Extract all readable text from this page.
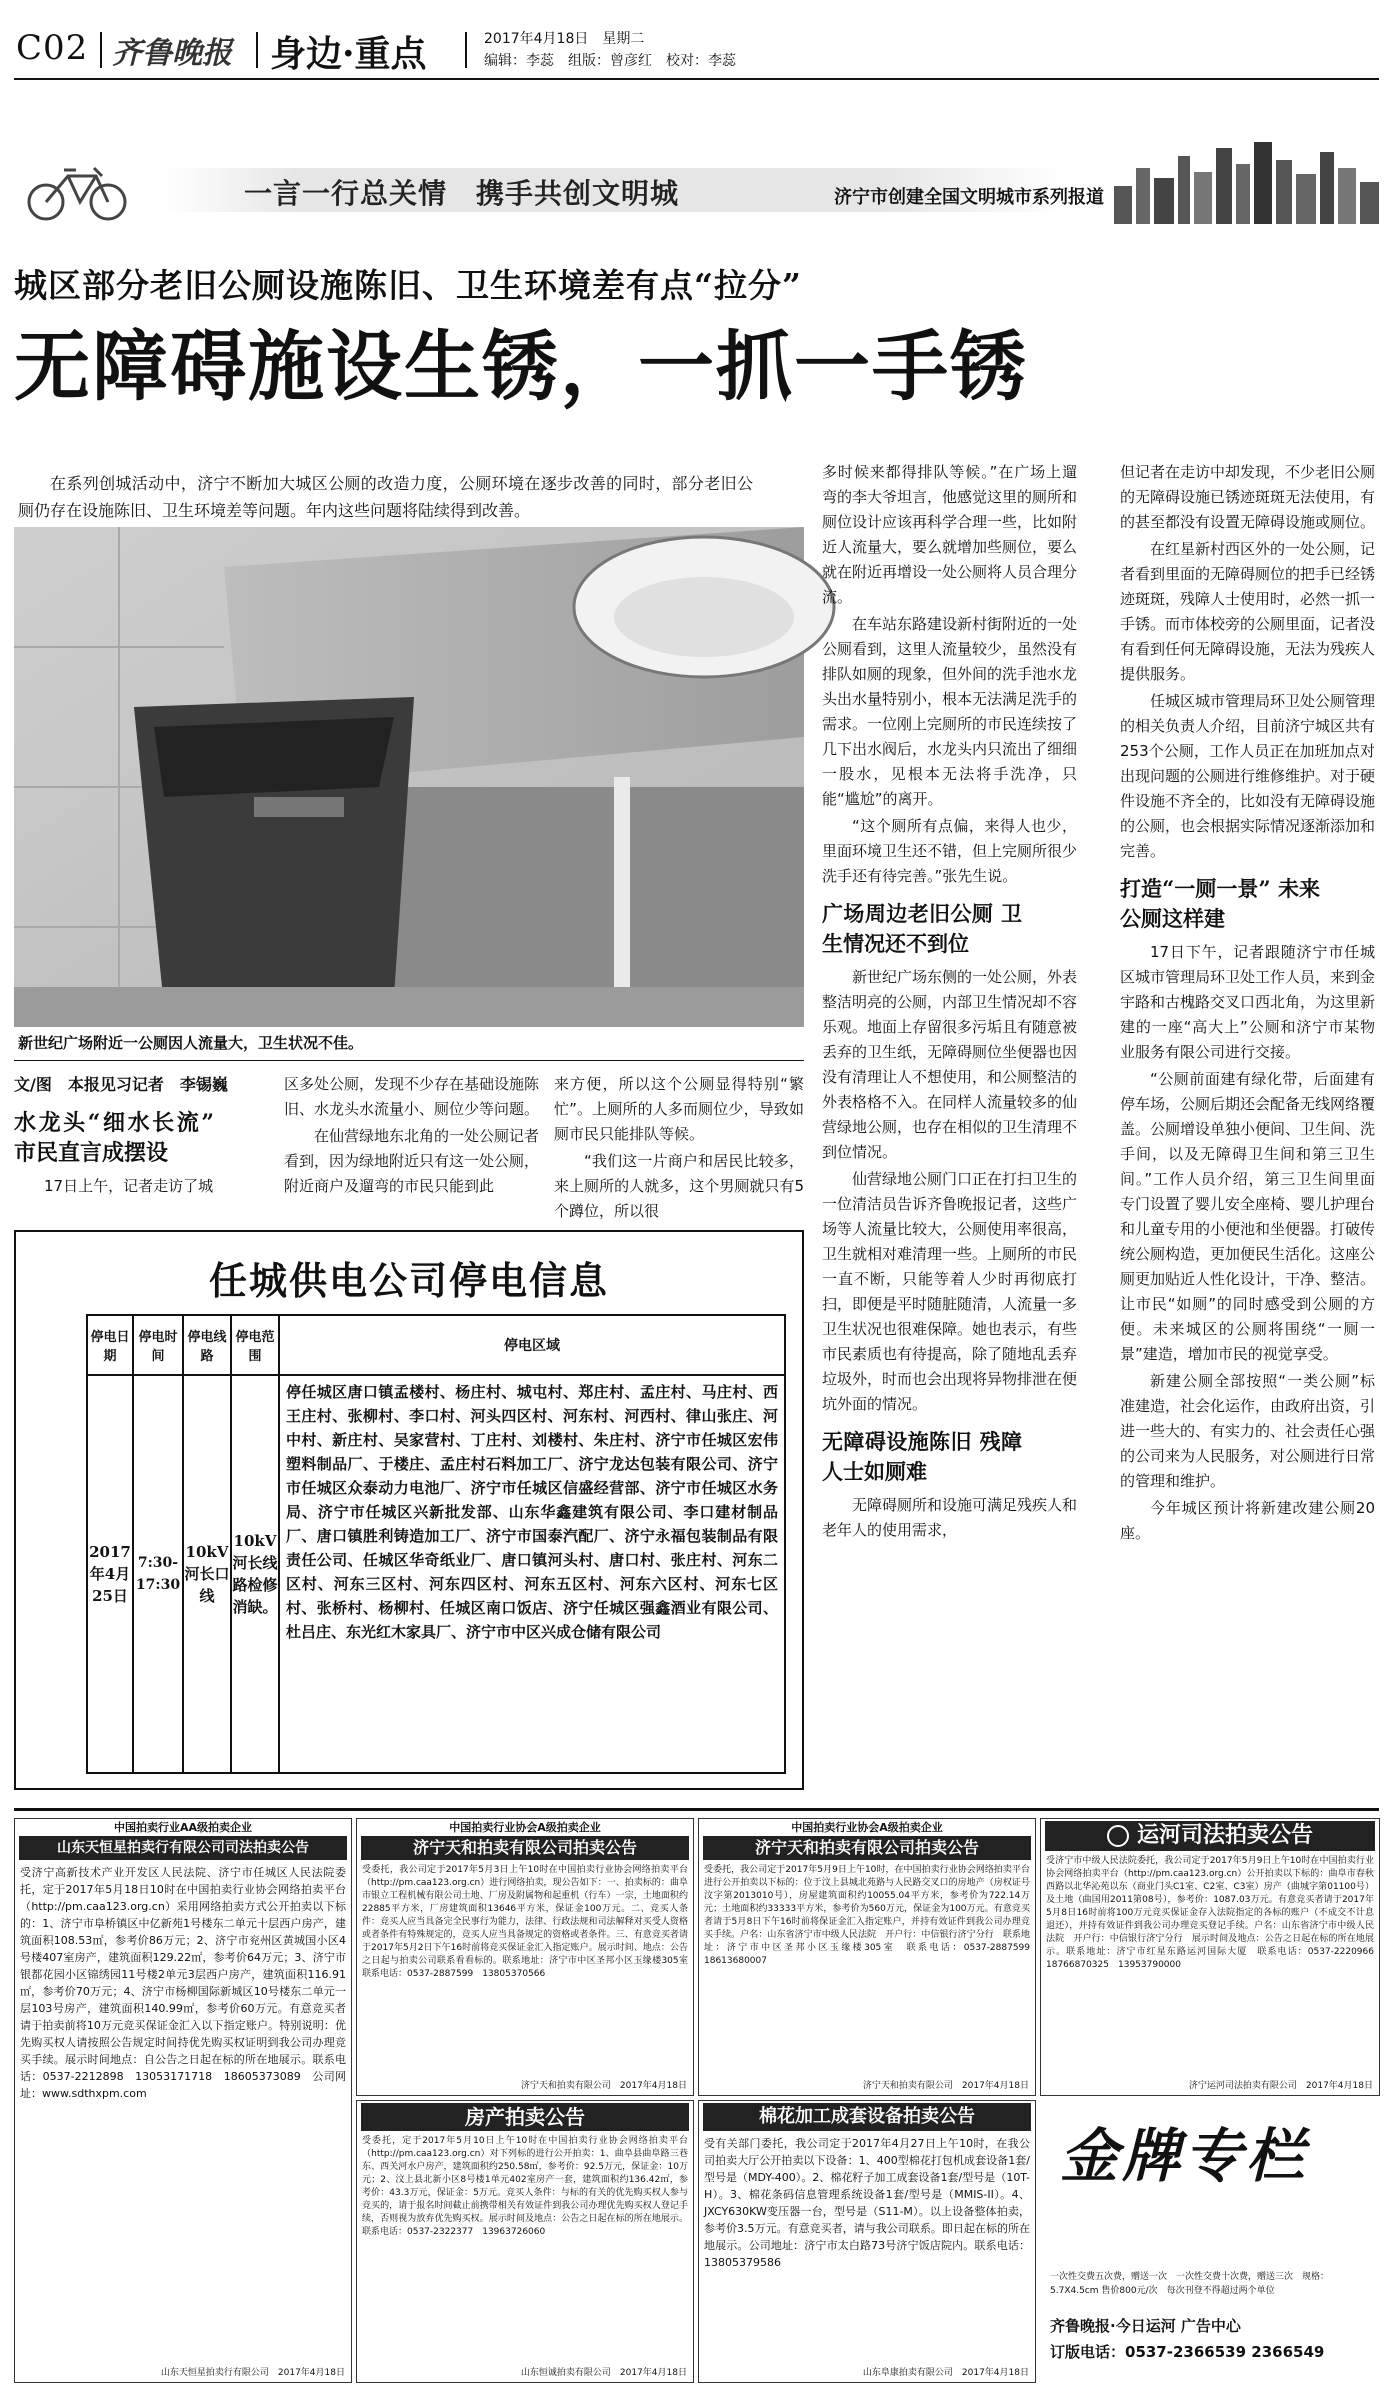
C02 齐鲁晚报 身边·重点	2017年4月18日　星期二
编辑：李蕊　组版：曾彦红　校对：李蕊
一言一行总关情　携手共创文明城	济宁市创建全国文明城市系列报道
城区部分老旧公厕设施陈旧、卫生环境差有点“拉分”
无障碍施设生锈，一抓一手锈
在系列创城活动中，济宁不断加大城区公厕的改造力度，公厕环境在逐步改善的同时，部分老旧公厕仍存在设施陈旧、卫生环境差等问题。年内这些问题将陆续得到改善。
新世纪广场附近一公厕因人流量大，卫生状况不佳。
文/图　本报见习记者　李锡巍
水龙头“细水长流” 市民直言成摆设

17日上午，记者走访了城

区多处公厕，发现不少存在基础设施陈旧、水龙头水流量小、厕位少等问题。

在仙营绿地东北角的一处公厕记者看到，因为绿地附近只有这一处公厕，附近商户及遛弯的市民只能到此

来方便，所以这个公厕显得特别“繁忙”。上厕所的人多而厕位少，导致如厕市民只能排队等候。

“我们这一片商户和居民比较多，来上厕所的人就多，这个男厕就只有5个蹲位，所以很

任城供电公司停电信息
停电日期	停电时间	停电线路	停电范围	停电区域
2017年4月25日	7:30-17:30	10kV河长口线	10kV河长线路检修消缺。	停任城区唐口镇孟楼村、杨庄村、城屯村、郑庄村、孟庄村、马庄村、西王庄村、张柳村、李口村、河头四区村、河东村、河西村、律山张庄、河中村、新庄村、吴家营村、丁庄村、刘楼村、朱庄村、济宁市任城区宏伟塑料制品厂、于楼庄、孟庄村石料加工厂、济宁龙达包装有限公司、济宁市任城区众泰动力电池厂、济宁市任城区信盛经营部、济宁市任城区水务局、济宁市任城区兴新批发部、山东华鑫建筑有限公司、李口建材制品厂、唐口镇胜利铸造加工厂、济宁市国泰汽配厂、济宁永福包装制品有限责任公司、任城区华奇纸业厂、唐口镇河头村、唐口村、张庄村、河东二区村、河东三区村、河东四区村、河东五区村、河东六区村、河东七区村、张桥村、杨柳村、任城区南口饭店、济宁任城区强鑫酒业有限公司、杜吕庄、东光红木家具厂、济宁市中区兴成仓储有限公司

多时候来都得排队等候。”在广场上遛弯的李大爷坦言，他感觉这里的厕所和厕位设计应该再科学合理一些，比如附近人流量大，要么就增加些厕位，要么就在附近再增设一处公厕将人员合理分流。

在车站东路建设新村街附近的一处公厕看到，这里人流量较少，虽然没有排队如厕的现象，但外间的洗手池水龙头出水量特别小，根本无法满足洗手的需求。一位刚上完厕所的市民连续按了几下出水阀后，水龙头内只流出了细细一股水，见根本无法将手洗净，只能“尴尬”的离开。

“这个厕所有点偏，来得人也少，里面环境卫生还不错，但上完厕所很少洗手还有待完善。”张先生说。

广场周边老旧公厕 卫生情况还不到位

新世纪广场东侧的一处公厕，外表整洁明亮的公厕，内部卫生情况却不容乐观。地面上存留很多污垢且有随意被丢弃的卫生纸，无障碍厕位坐便器也因没有清理让人不想使用，和公厕整洁的外表格格不入。在同样人流量较多的仙营绿地公厕，也存在相似的卫生清理不到位情况。

仙营绿地公厕门口正在打扫卫生的一位清洁员告诉齐鲁晚报记者，这些广场等人流量比较大，公厕使用率很高，卫生就相对难清理一些。上厕所的市民一直不断，只能等着人少时再彻底打扫，即便是平时随脏随清，人流量一多卫生状况也很难保障。她也表示，有些市民素质也有待提高，除了随地乱丢弃垃圾外，时而也会出现将异物排泄在便坑外面的情况。

无障碍设施陈旧 残障人士如厕难

无障碍厕所和设施可满足残疾人和老年人的使用需求，

但记者在走访中却发现，不少老旧公厕的无障碍设施已锈迹斑斑无法使用，有的甚至都没有设置无障碍设施或厕位。

在红星新村西区外的一处公厕，记者看到里面的无障碍厕位的把手已经锈迹斑斑，残障人士使用时，必然一抓一手锈。而市体校旁的公厕里面，记者没有看到任何无障碍设施，无法为残疾人提供服务。

任城区城市管理局环卫处公厕管理的相关负责人介绍，目前济宁城区共有253个公厕，工作人员正在加班加点对出现问题的公厕进行维修维护。对于硬件设施不齐全的，比如没有无障碍设施的公厕，也会根据实际情况逐渐添加和完善。

打造“一厕一景” 未来公厕这样建

17日下午，记者跟随济宁市任城区城市管理局环卫处工作人员，来到金宇路和古槐路交叉口西北角，为这里新建的一座“高大上”公厕和济宁市某物业服务有限公司进行交接。

“公厕前面建有绿化带，后面建有停车场，公厕后期还会配备无线网络覆盖。公厕增设单独小便间、卫生间、洗手间，以及无障碍卫生间和第三卫生间。”工作人员介绍，第三卫生间里面专门设置了婴儿安全座椅、婴儿护理台和儿童专用的小便池和坐便器。打破传统公厕构造，更加便民生活化。这座公厕更加贴近人性化设计，干净、整洁。让市民“如厕”的同时感受到公厕的方便。未来城区的公厕将围绕“一厕一景”建造，增加市民的视觉享受。

新建公厕全部按照“一类公厕”标准建造，社会化运作，由政府出资，引进一些大的、有实力的、社会责任心强的公司来为人民服务，对公厕进行日常的管理和维护。

今年城区预计将新建改建公厕20座。

中国拍卖行业AA级拍卖企业
山东天恒星拍卖行有限公司司法拍卖公告
受济宁高新技术产业开发区人民法院、济宁市任城区人民法院委托，定于2017年5月18日10时在中国拍卖行业协会网络拍卖平台（http://pm.caa123.org.cn）采用网络拍卖方式公开拍卖以下标的：1、济宁市阜桥镇区中亿新苑1号楼东二单元十层西户房产，建筑面积108.53㎡，参考价86万元；2、济宁市兖州区黄城国小区4号楼407室房产，建筑面积129.22㎡，参考价64万元；3、济宁市银都花园小区锦绣园11号楼2单元3层西户房产，建筑面积116.91㎡，参考价70万元；4、济宁市杨柳国际新城区10号楼东二单元一层103号房产，建筑面积140.99㎡，参考价60万元。有意竞买者请于拍卖前将10万元竞买保证金汇入以下指定账户。特别说明：优先购买权人请按照公告规定时间持优先购买权证明到我公司办理竞买手续。展示时间地点：自公告之日起在标的所在地展示。联系电话：0537-2212898　13053171718　18605373089　公司网址：www.sdthxpm.com
山东天恒星拍卖行有限公司　2017年4月18日
中国拍卖行业协会A级拍卖企业
济宁天和拍卖有限公司拍卖公告
受委托，我公司定于2017年5月3日上午10时在中国拍卖行业协会网络拍卖平台（http://pm.caa123.org.cn）进行网络拍卖，现公告如下：一、拍卖标的：曲阜市银立工程机械有限公司土地、厂房及附属物和起重机（行车）一宗，土地面积约22885平方米，厂房建筑面积13646平方米，保证金100万元。二、竞买人条件：竞买人应当具备完全民事行为能力，法律、行政法规和司法解释对买受人资格或者条件有特殊规定的，竞买人应当具备规定的资格或者条件。三、有意竞买者请于2017年5月2日下午16时前将竞买保证金汇入指定账户。展示时间、地点：公告之日起与拍卖公司联系看看标的。联系地址：济宁市中区圣邦小区玉缘楼305室　联系电话：0537-2887599　13805370566
济宁天和拍卖有限公司　2017年4月18日
中国拍卖行业协会A级拍卖企业
济宁天和拍卖有限公司拍卖公告
受委托，我公司定于2017年5月9日上午10时，在中国拍卖行业协会网络拍卖平台进行公开拍卖以下标的：位于汶上县城北苑路与人民路交叉口的房地产（房权证号汶字第2013010号），房屋建筑面积约10055.04平方米，参考价为722.14万元；土地面积约33333平方米，参考价为560万元，保证金为100万元。有意竞买者请于5月8日下午16时前将保证金汇入指定账户，并持有效证件到我公司办理竞买手续。户名：山东省济宁市中级人民法院　开户行：中信银行济宁分行　联系地址：济宁市中区圣邦小区玉缘楼305室　联系电话：0537-2887599　18613680007
济宁天和拍卖有限公司　2017年4月18日
运河司法拍卖公告
受济宁市中级人民法院委托，我公司定于2017年5月9日上午10时在中国拍卖行业协会网络拍卖平台（http://pm.caa123.org.cn）公开拍卖以下标的：曲阜市春秋西路以北华沁苑以东（商业门头C1室、C2室、C3室）房产（曲城字第01100号）及土地（曲国用2011第08号），参考价：1087.03万元。有意竞买者请于2017年5月8日16时前将100万元竞买保证金存入法院指定的各标的账户（不成交不计息退还），并持有效证件到我公司办理竞买登记手续。户名：山东省济宁市中级人民法院　开户行：中信银行济宁分行　展示时间及地点：公告之日起在标的所在地展示。联系地址：济宁市红星东路运河国际大厦　联系电话：0537-2220966　18766870325　13953790000
济宁运河司法拍卖有限公司　2017年4月18日
房产拍卖公告
受委托，定于2017年5月10日上午10时在中国拍卖行业协会网络拍卖平台（http://pm.caa123.org.cn）对下列标的进行公开拍卖：1、曲阜县曲阜路三巷东、西关河水户房产，建筑面积约250.58㎡，参考价：92.5万元，保证金：10万元；2、汶上县北新小区8号楼1单元402室房产一套，建筑面积约136.42㎡，参考价：43.3万元，保证金：5万元。竞买人条件：与标的有关的优先购买权人参与竞买的，请于报名时间截止前携带相关有效证件到我公司办理优先购买权人登记手续，否则视为放弃优先购买权。展示时间及地点：公告之日起在标的所在地展示。联系电话：0537-2322377　13963726060
山东恒诚拍卖有限公司　2017年4月18日
棉花加工成套设备拍卖公告
受有关部门委托，我公司定于2017年4月27日上午10时，在我公司拍卖大厅公开拍卖以下设备：1、400型棉花打包机成套设备1套/型号是（MDY-400）。2、棉花籽子加工成套设备1套/型号是（10T-H）。3、棉花条码信息管理系统设备1套/型号是（MMIS-II）。4、JXCY630KW变压器一台，型号是（S11-M）。以上设备整体拍卖，参考价3.5万元。有意竞买者，请与我公司联系。即日起在标的所在地展示。公司地址：济宁市太白路73号济宁饭店院内。联系电话：13805379586
山东阜康拍卖有限公司　2017年4月18日
金牌专栏
一次性交费五次费，赠送一次　一次性交费十次费，赠送三次　规格：5.7X4.5cm 售价800元/次　每次刊登不得超过两个单位
齐鲁晚报·今日运河 广告中心
订版电话：0537-2366539 2366549
